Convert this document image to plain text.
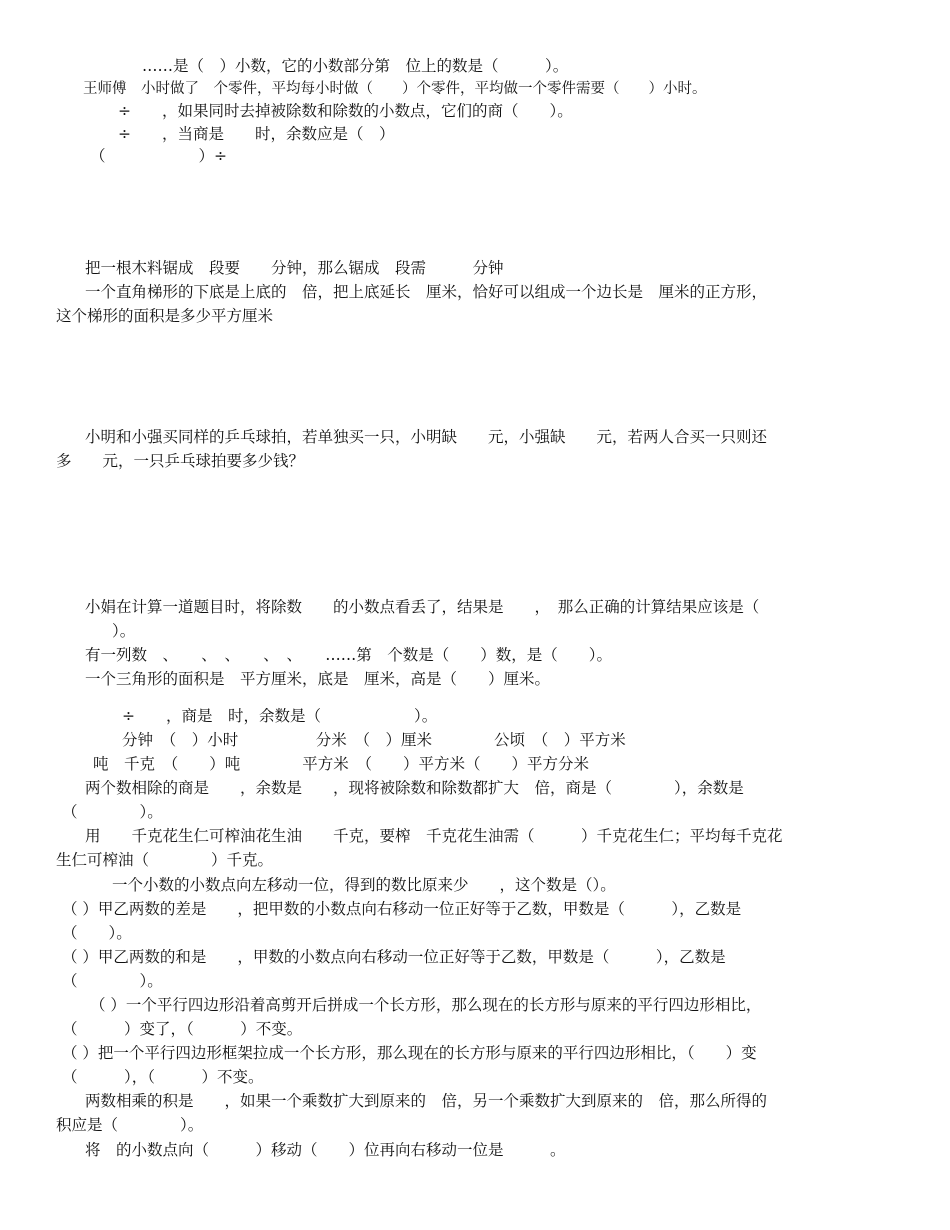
……是（　）小数，它的小数部分第　位上的数是（　　　）。
王师傅　小时做了　个零件，平均每小时做（　　）个零件，平均做一个零件需要（　　）小时。
÷　　，如果同时去掉被除数和除数的小数点，它们的商（　　）。
÷　　，当商是　　时，余数应是（　）
（　　　　　　）÷
把一根木料锯成　段要　　分钟，那么锯成　段需　　　分钟
一个直角梯形的下底是上底的　倍，把上底延长　厘米，恰好可以组成一个边长是　厘米的正方形，
这个梯形的面积是多少平方厘米
小明和小强买同样的乒乓球拍，若单独买一只，小明缺　　元，小强缺　　元，若两人合买一只则还
多　　元，一只乒乓球拍要多少钱？
小娟在计算一道题目时，将除数　　的小数点看丢了，结果是　　，　那么正确的计算结果应该是（
）。
有一列数　、　　、　、　　、　、　　……第　个数是（　　）数，是（　　）。
一个三角形的面积是　平方厘米，底是　厘米，高是（　　）厘米。
÷　　，商是　时，余数是（　　　　　　）。
分钟　（　）小时　　　　　分米　（　）厘米　　　　公顷　（　）平方米
吨　千克　（　　）吨　　　　平方米　（　　）平方米（　　）平方分米
两个数相除的商是　　，余数是　　，现将被除数和除数都扩大　倍，商是（　　　　），余数是
（　　　　）。
用　　千克花生仁可榨油花生油　　千克，要榨　千克花生油需（　　　）千克花生仁；平均每千克花
生仁可榨油（　　　　）千克。
一个小数的小数点向左移动一位，得到的数比原来少　　，这个数是（）。
（ ）甲乙两数的差是　　，把甲数的小数点向右移动一位正好等于乙数，甲数是（　　　），乙数是
（　　）。
（ ）甲乙两数的和是　　，甲数的小数点向右移动一位正好等于乙数，甲数是（　　　），乙数是
（　　　　）。
（ ）一个平行四边形沿着高剪开后拼成一个长方形，那么现在的长方形与原来的平行四边形相比，
（　　　）变了，（　　　）不变。
（ ）把一个平行四边形框架拉成一个长方形，那么现在的长方形与原来的平行四边形相比，（　　）变
（　　　），（　　　）不变。
两数相乘的积是　　，如果一个乘数扩大到原来的　倍，另一个乘数扩大到原来的　倍，那么所得的
积应是（　　　　）。
将　的小数点向（　　　）移动（　　）位再向右移动一位是　　　。
